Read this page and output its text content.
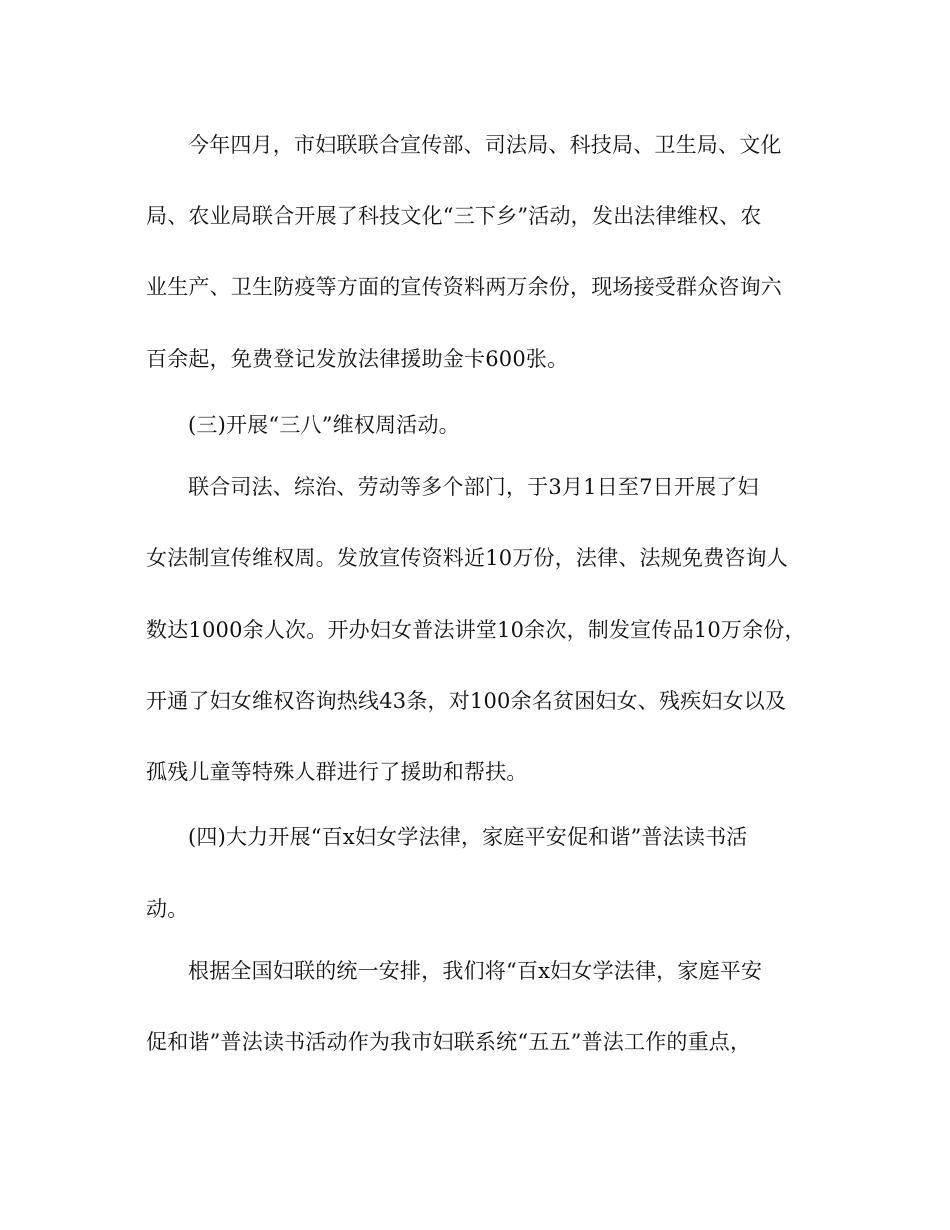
今年四月，市妇联联合宣传部、司法局、科技局、卫生局、文化
局、农业局联合开展了科技文化“三下乡”活动，发出法律维权、农
业生产、卫生防疫等方面的宣传资料两万余份，现场接受群众咨询六
百余起，免费登记发放法律援助金卡600张。
(三)开展“三八”维权周活动。
联合司法、综治、劳动等多个部门，于3月1日至7日开展了妇
女法制宣传维权周。发放宣传资料近10万份，法律、法规免费咨询人
数达1000余人次。开办妇女普法讲堂10余次，制发宣传品10万余份，
开通了妇女维权咨询热线43条，对100余名贫困妇女、残疾妇女以及
孤残儿童等特殊人群进行了援助和帮扶。
(四)大力开展“百x妇女学法律，家庭平安促和谐”普法读书活
动。
根据全国妇联的统一安排，我们将“百x妇女学法律，家庭平安
促和谐”普法读书活动作为我市妇联系统“五五”普法工作的重点，
